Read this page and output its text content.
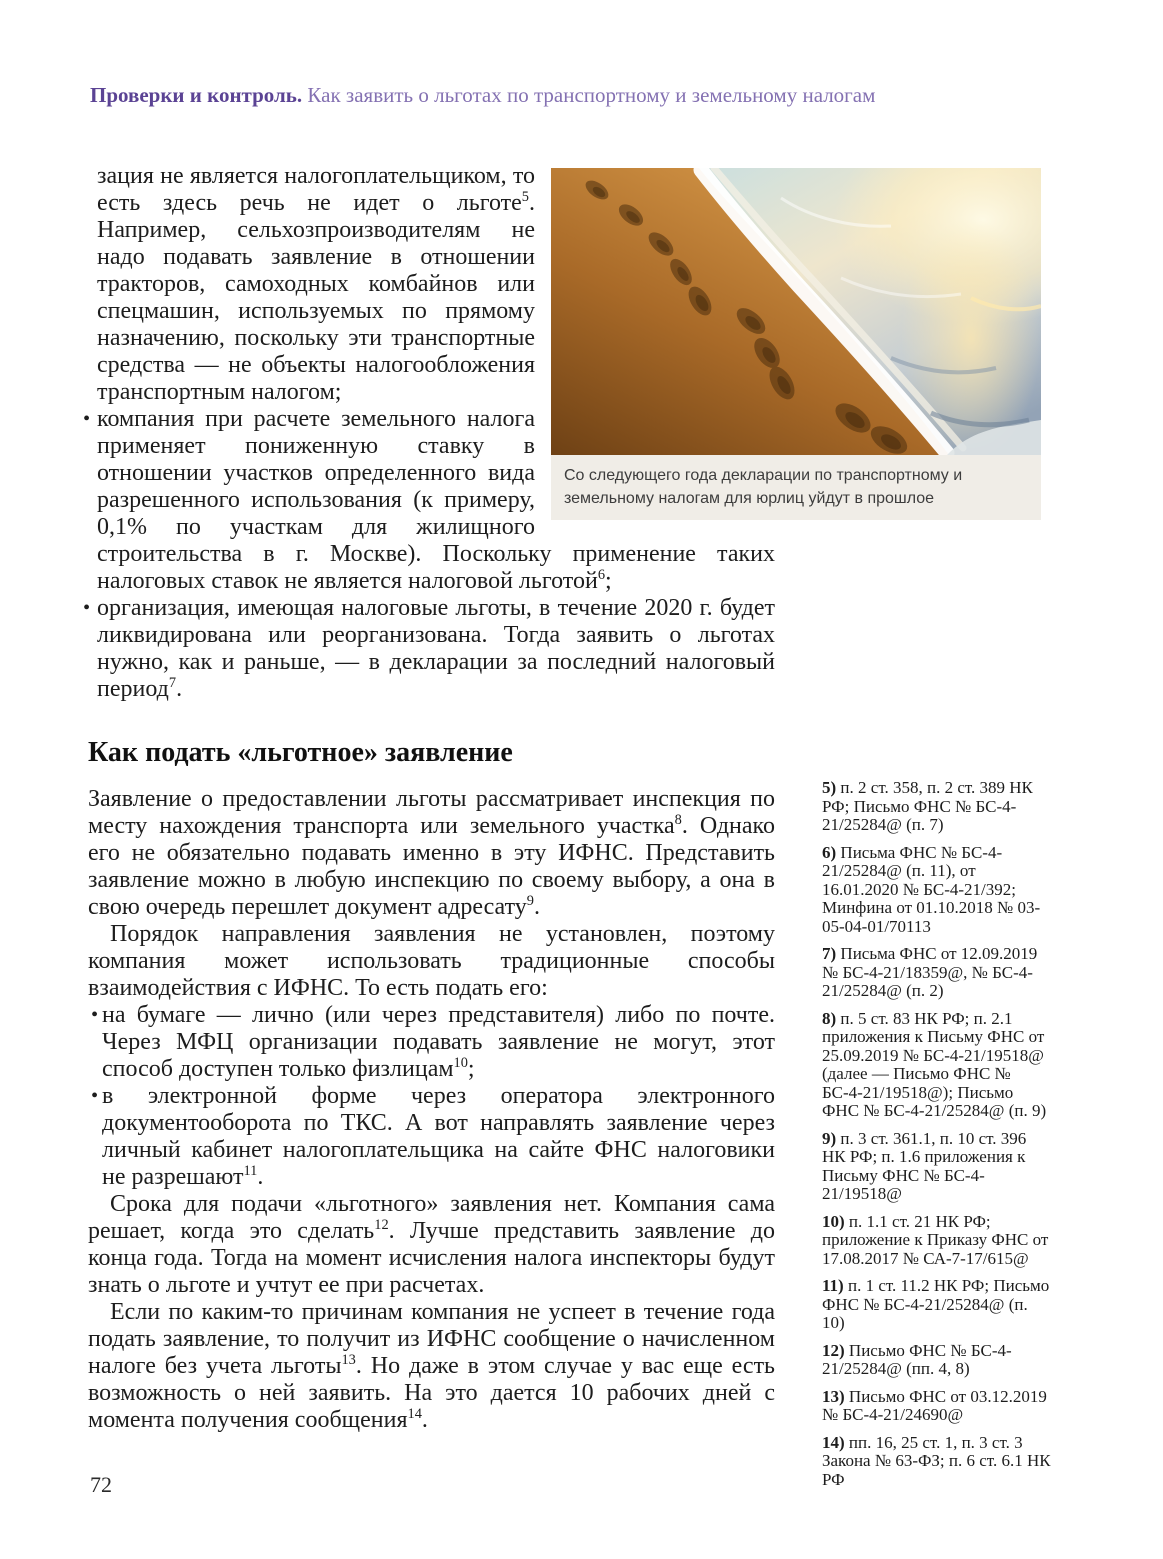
Проверки и контроль. Как заявить о льготах по транспортному и земельному налогам
Со следующего года декларации по транспортному и земельному налогам для юрлиц уйдут в прошлое

зация не является налогоплательщиком, то есть здесь речь не идет о льготе$^5$. Например, сельхозпроизводителям не надо подавать заявление в отношении тракторов, самоходных комбайнов или спецмашин, используемых по прямому назначению, поскольку эти транспортные средства — не объекты налогообложения транспортным налогом;

• компания при расчете земельного налога применяет пониженную ставку в отношении участков определенного вида разрешенного использования (к примеру, 0,1% по участкам для жилищного строительства в г. Москве). Поскольку применение таких налоговых ставок не является налоговой льготой$^6$;

• организация, имеющая налоговые льготы, в течение 2020 г. будет ликвидирована или реорганизована. Тогда заявить о льготах нужно, как и раньше, — в декларации за последний налоговый период$^7$.

Как подать «льготное» заявление

Заявление о предоставлении льготы рассматривает инспекция по месту нахождения транспорта или земельного участка$^8$. Однако его не обязательно подавать именно в эту ИФНС. Представить заявление можно в любую инспекцию по своему выбору, а она в свою очередь перешлет документ адресату$^9$.

Порядок направления заявления не установлен, поэтому компания может использовать традиционные способы взаимодействия с ИФНС. То есть подать его:

• на бумаге — лично (или через представителя) либо по почте. Через МФЦ организации подавать заявление не могут, этот способ доступен только физлицам$^{10}$;

• в электронной форме через оператора электронного документооборота по ТКС. А вот направлять заявление через личный кабинет налогоплательщика на сайте ФНС налоговики не разрешают$^{11}$.

Срока для подачи «льготного» заявления нет. Компания сама решает, когда это сделать$^{12}$. Лучше представить заявление до конца года. Тогда на момент исчисления налога инспекторы будут знать о льготе и учтут ее при расчетах.

Если по каким-то причинам компания не успеет в течение года подать заявление, то получит из ИФНС сообщение о начисленном налоге без учета льготы$^{13}$. Но даже в этом случае у вас еще есть возможность о ней заявить. На это дается 10 рабочих дней с момента получения сообщения$^{14}$.

5) п. 2 ст. 358, п. 2 ст. 389 НК РФ; Письмо ФНС № БС-4-21/25284@ (п. 7)
6) Письма ФНС № БС-4-21/25284@ (п. 11), от 16.01.2020 № БС-4-21/392; Минфина от 01.10.2018 № 03-05-04-01/70113
7) Письма ФНС от 12.09.2019 № БС-4-21/18359@, № БС-4-21/25284@ (п. 2)
8) п. 5 ст. 83 НК РФ; п. 2.1 приложения к Письму ФНС от 25.09.2019 № БС-4-21/19518@ (далее — Письмо ФНС № БС-4-21/19518@); Письмо ФНС № БС-4-21/25284@ (п. 9)
9) п. 3 ст. 361.1, п. 10 ст. 396 НК РФ; п. 1.6 приложения к Письму ФНС № БС-4-21/19518@
10) п. 1.1 ст. 21 НК РФ; приложение к Приказу ФНС от 17.08.2017 № СА-7-17/615@
11) п. 1 ст. 11.2 НК РФ; Письмо ФНС № БС-4-21/25284@ (п. 10)
12) Письмо ФНС № БС-4-21/25284@ (пп. 4, 8)
13) Письмо ФНС от 03.12.2019 № БС-4-21/24690@
14) пп. 16, 25 ст. 1, п. 3 ст. 3 Закона № 63-ФЗ; п. 6 ст. 6.1 НК РФ
72
